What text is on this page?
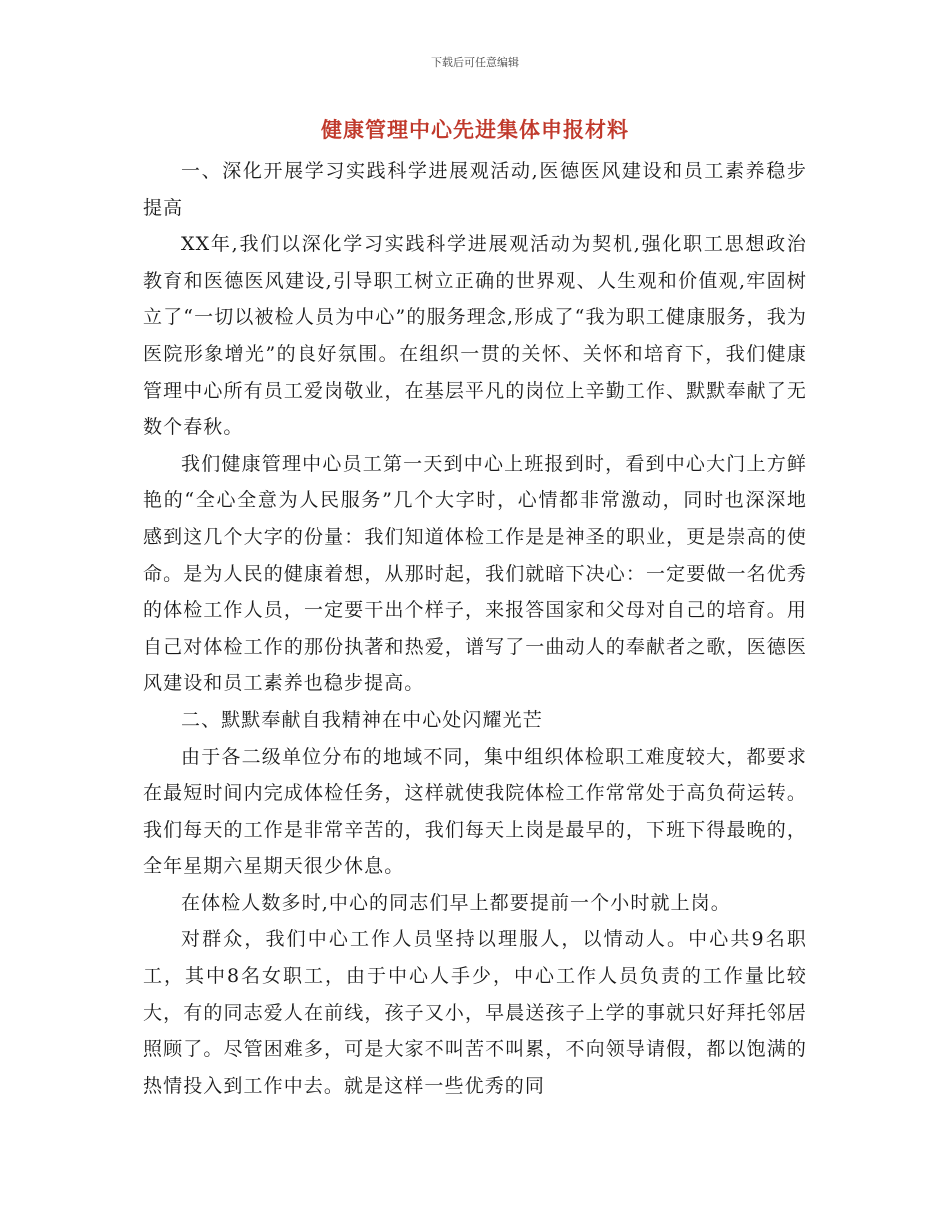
下载后可任意编辑
健康管理中心先进集体申报材料

一、深化开展学习实践科学进展观活动,医德医风建设和员工素养稳步提高

XX年,我们以深化学习实践科学进展观活动为契机,强化职工思想政治教育和医德医风建设,引导职工树立正确的世界观、人生观和价值观,牢固树立了“一切以被检人员为中心”的服务理念,形成了“我为职工健康服务，我为医院形象增光”的良好氛围。在组织一贯的关怀、关怀和培育下，我们健康管理中心所有员工爱岗敬业，在基层平凡的岗位上辛勤工作、默默奉献了无数个春秋。

我们健康管理中心员工第一天到中心上班报到时，看到中心大门上方鲜艳的“全心全意为人民服务”几个大字时，心情都非常激动，同时也深深地感到这几个大字的份量：我们知道体检工作是是神圣的职业，更是崇高的使命。是为人民的健康着想，从那时起，我们就暗下决心：一定要做一名优秀的体检工作人员，一定要干出个样子，来报答国家和父母对自己的培育。用自己对体检工作的那份执著和热爱，谱写了一曲动人的奉献者之歌，医德医风建设和员工素养也稳步提高。

二、默默奉献自我精神在中心处闪耀光芒

由于各二级单位分布的地域不同，集中组织体检职工难度较大，都要求在最短时间内完成体检任务，这样就使我院体检工作常常处于高负荷运转。我们每天的工作是非常辛苦的，我们每天上岗是最早的，下班下得最晚的，全年星期六星期天很少休息。

在体检人数多时,中心的同志们早上都要提前一个小时就上岗。

对群众，我们中心工作人员坚持以理服人，以情动人。中心共9名职工，其中8名女职工，由于中心人手少，中心工作人员负责的工作量比较大，有的同志爱人在前线，孩子又小，早晨送孩子上学的事就只好拜托邻居照顾了。尽管困难多，可是大家不叫苦不叫累，不向领导请假，都以饱满的热情投入到工作中去。就是这样一些优秀的同
